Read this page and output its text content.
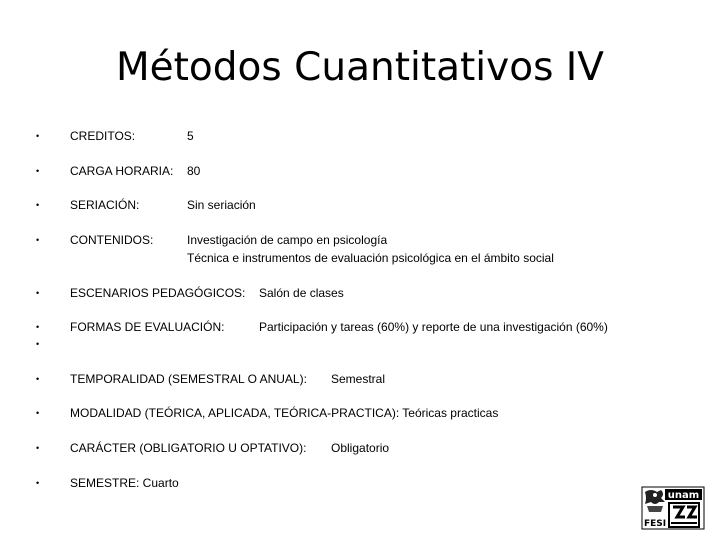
Métodos Cuantitativos IV
•	CREDITOS:	5
•	CARGA HORARIA: 80
•	SERIACIÓN:	Sin seriación
•	CONTENIDOS:	Investigación de campo en psicología
Técnica e instrumentos de evaluación psicológica en el ámbito social
•	ESCENARIOS PEDAGÓGICOS: Salón de clases
•	FORMAS DE EVALUACIÓN:	Participación y tareas (60%) y reporte de una investigación (60%)
•
•	TEMPORALIDAD (SEMESTRAL O ANUAL): Semestral
•	MODALIDAD (TEÓRICA, APLICADA, TEÓRICA-PRACTICA): Teóricas practicas
•	CARÁCTER (OBLIGATORIO U OPTATIVO): Obligatorio
•	SEMESTRE: Cuarto
unam
FESI
